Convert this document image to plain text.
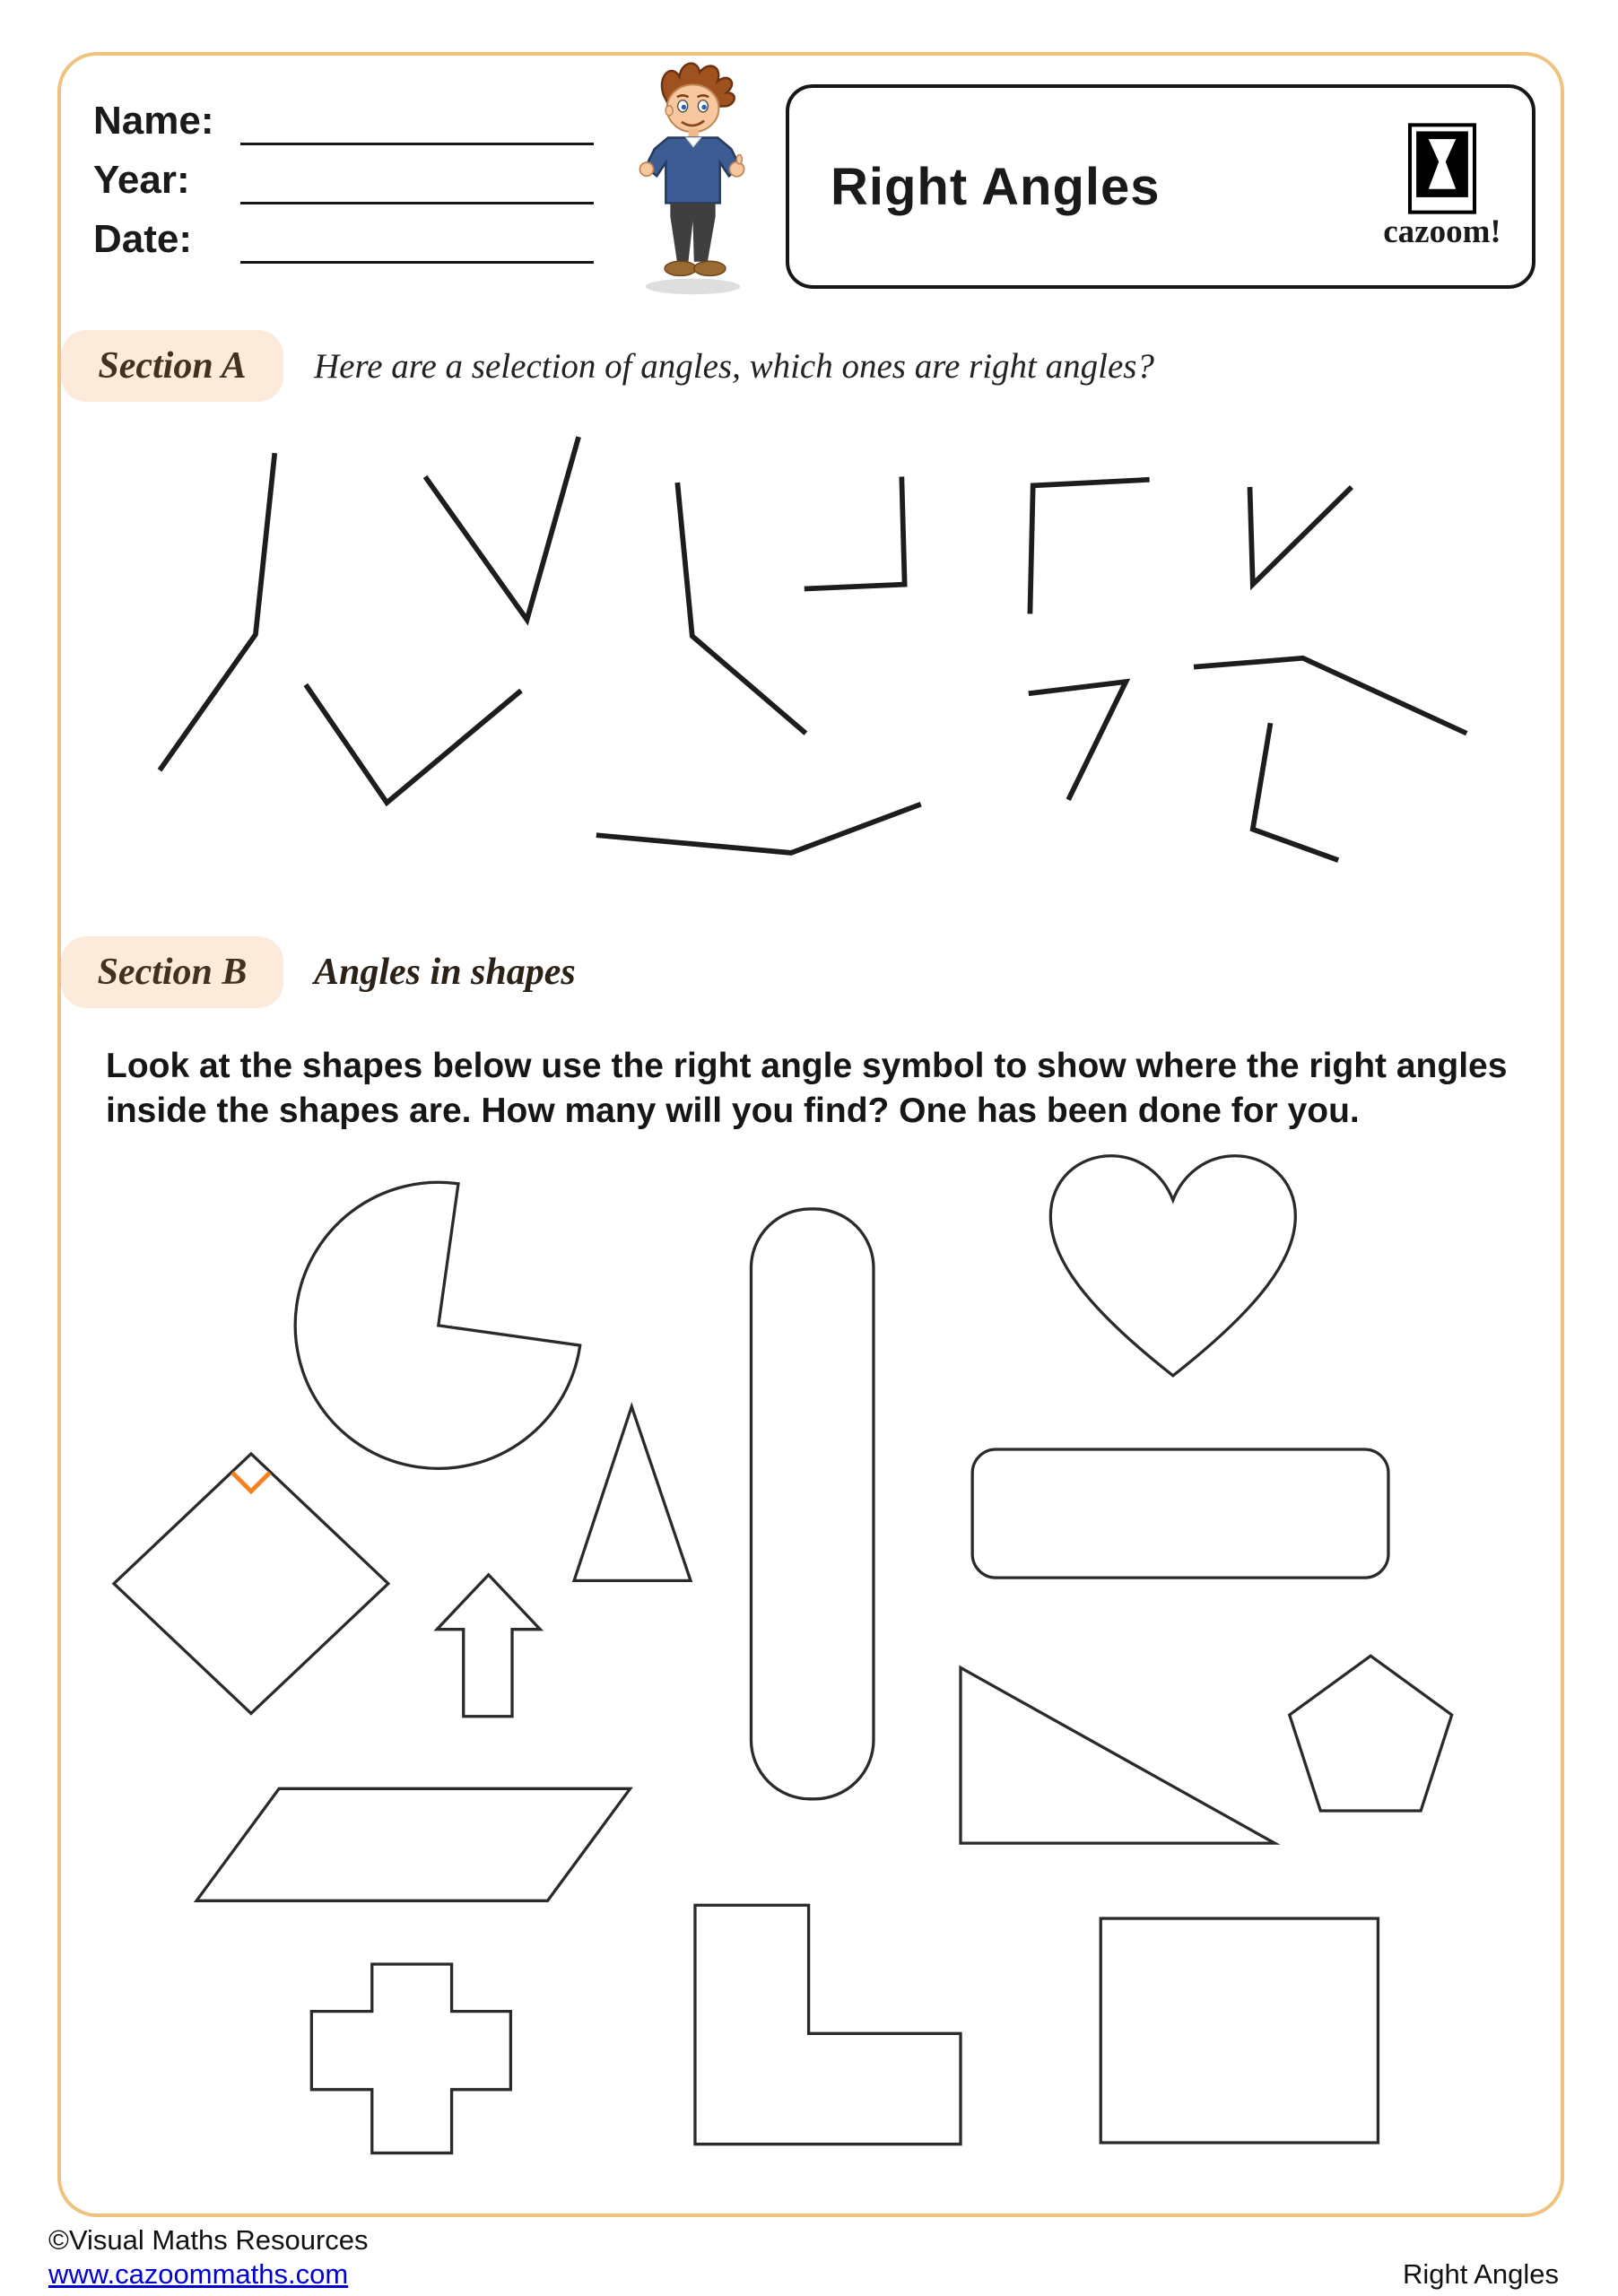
Name:
Year:
Date:
Right Angles
cazoom!
Section A Here are a selection of angles, which ones are right angles?
Section B Angles in shapes
Look at the shapes below use the right angle symbol to show where the right angles
inside the shapes are. How many will you find? One has been done for you.
©Visual Maths Resources
www.cazoommaths.com	Right Angles
